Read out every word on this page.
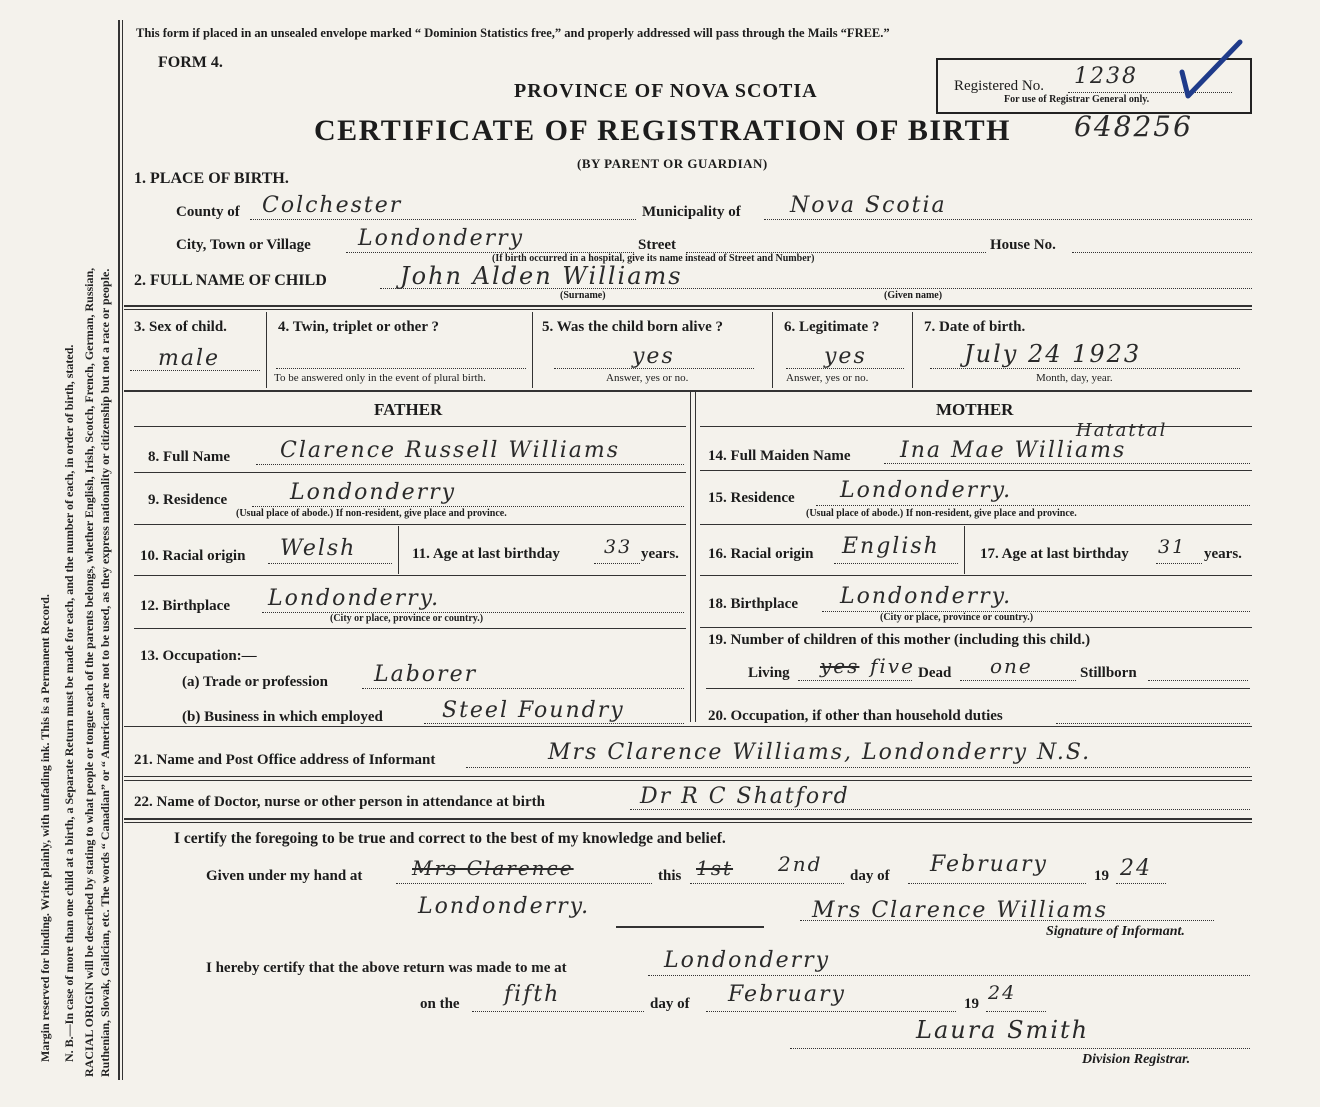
Margin reserved for binding. Write plainly, with unfading ink. This is a Permanent Record. N. B.—In case of more than one child at a birth, a Separate Return must be made for each, and the number of each, in order of birth, stated. RACIAL ORIGIN will be described by stating to what people or tongue each of the parents belongs, whether English, Irish, Scotch, French, German, Russian, Ruthenian, Slovak, Galician, etc. The words “ Canadian” or “ American” are not to be used, as they express nationality or citizenship but not a race or people.
This form if placed in an unsealed envelope marked “ Dominion Statistics free,” and properly addressed will pass through the Mails “FREE.”
FORM 4.
PROVINCE OF NOVA SCOTIA
CERTIFICATE OF REGISTRATION OF BIRTH 648256
(BY PARENT OR GUARDIAN)
Registered No. 1238
For use of Registrar General only.
1. PLACE OF BIRTH.
County of Colchester	Municipality of Nova Scotia
City, Town or Village Londonderry	Street
(If birth occurred in a hospital, give its name instead of Street and Number)
House No.
2. FULL NAME OF CHILD	John Alden Williams
(Surname)	(Given name)
3. Sex of child.
male
4. Twin, triplet or other ?
To be answered only in the event of plural birth.
5. Was the child born alive ?
yes
Answer, yes or no.
6. Legitimate ?
yes
Answer, yes or no.
7. Date of birth.
July 24 1923
Month, day, year.
FATHER	MOTHER
8. Full Name Clarence Russell Williams
9. Residence	Londonderry
(Usual place of abode.) If non-resident, give place and province.
10. Racial origin Welsh	11. Age at last birthday 33 years.
12. Birthplace Londonderry.
(City or place, province or country.)
13. Occupation:—
(a) Trade or profession Laborer
(b) Business in which employed	Steel Foundry
14. Full Maiden Name Ina Mae Williams
Hatattal
15. Residence Londonderry.
(Usual place of abode.) If non-resident, give place and province.
16. Racial origin English	17. Age at last birthday 31 years.
18. Birthplace Londonderry.
(City or place, province or country.)
19. Number of children of this mother (including this child.)
Living yes five Dead one	Stillborn
20. Occupation, if other than household duties
21. Name and Post Office address of Informant	Mrs Clarence Williams, Londonderry N.S.
22. Name of Doctor, nurse or other person in attendance at birth	Dr R C Shatford
I certify the foregoing to be true and correct to the best of my knowledge and belief.
Given under my hand at Mrs Clarence	this 1st 2nd day of February	19 24
Londonderry.	Mrs Clarence Williams
Signature of Informant.
I hereby certify that the above return was made to me at	Londonderry
on the fifth	day of February	19 24
Laura Smith
Division Registrar.
